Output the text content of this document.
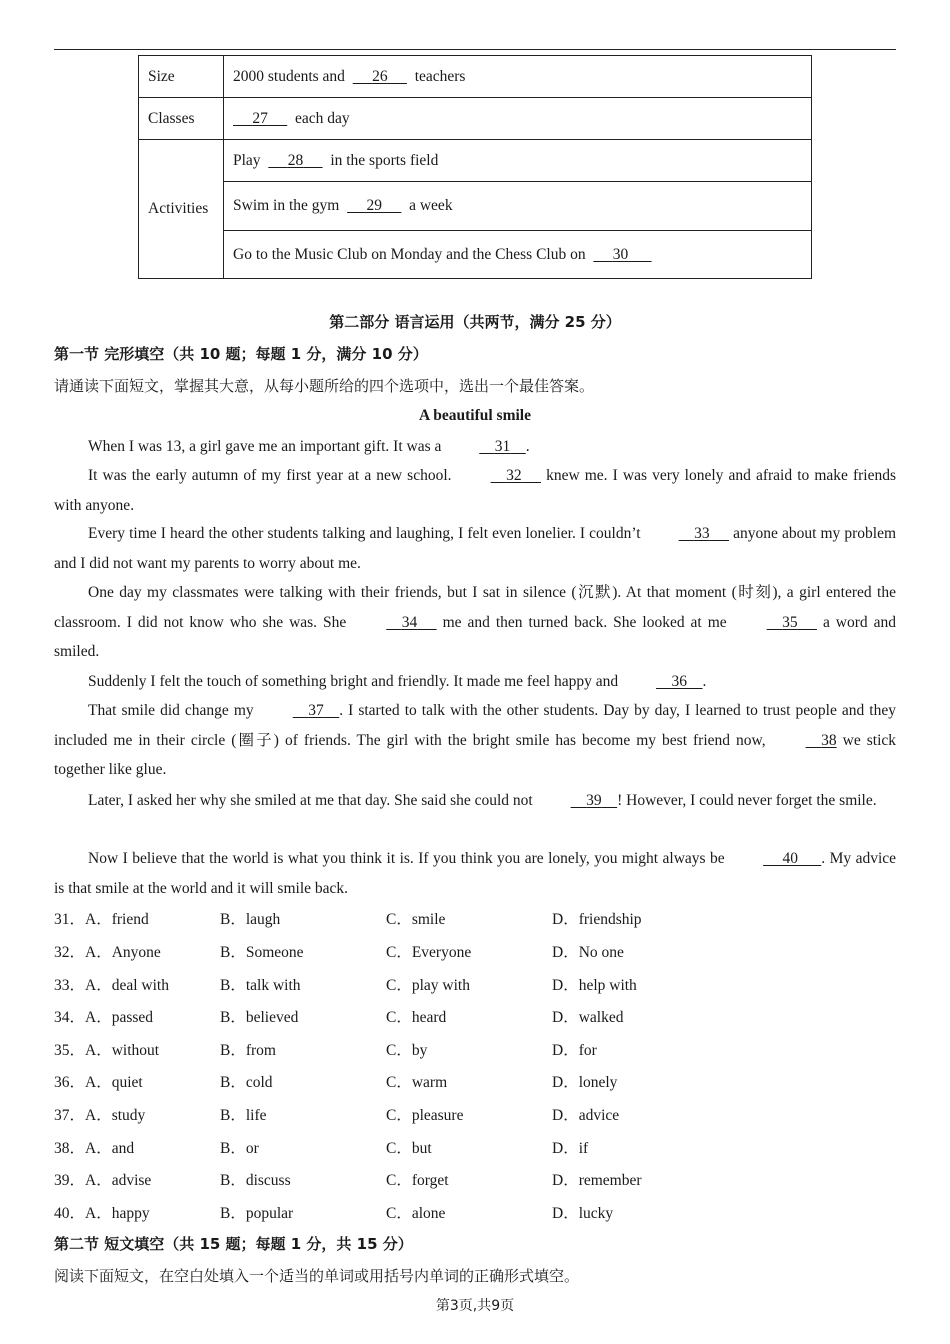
Size	2000 students and 26 teachers
Classes	27 each day
Activities	Play 28 in the sports field
	Swim in the gym 29 a week
	Go to the Music Club on Monday and the Chess Club on 30
第二部分 语言运用（共两节，满分 25 分）
第一节 完形填空（共 10 题；每题 1 分，满分 10 分）
请通读下面短文，掌握其大意，从每小题所给的四个选项中，选出一个最佳答案。
A beautiful smile
When I was 13, a girl gave me an important gift. It was a	31 .
It was the early autumn of my first year at a new school.	32 knew me. I was very lonely and afraid to make friends with anyone.
Every time I heard the other students talking and laughing, I felt even lonelier. I couldn’t	33 anyone about my problem and I did not want my parents to worry about me.
One day my classmates were talking with their friends, but I sat in silence (沉默). At that moment (时刻), a girl entered the classroom. I did not know who she was. She	34 me and then turned back. She looked at me	35 a word and smiled.
Suddenly I felt the touch of something bright and friendly. It made me feel happy and	36 .
That smile did change my	37 . I started to talk with the other students. Day by day, I learned to trust people and they included me in their circle (圈子) of friends. The girl with the bright smile has become my best friend now,	38 we stick together like glue.
Later, I asked her why she smiled at me that day. She said she could not	39 ! However, I could never forget the smile.
Now I believe that the world is what you think it is. If you think you are lonely, you might always be	40 . My advice is that smile at the world and it will smile back.
31．A．friend	B．laugh	C．smile	D．friendship
32．A．Anyone	B．Someone	C．Everyone	D．No one
33．A．deal with	B．talk with	C．play with	D．help with
34．A．passed	B．believed	C．heard	D．walked
35．A．without	B．from	C．by	D．for
36．A．quiet	B．cold	C．warm	D．lonely
37．A．study	B．life	C．pleasure	D．advice
38．A．and	B．or	C．but	D．if
39．A．advise	B．discuss	C．forget	D．remember
40．A．happy	B．popular	C．alone	D．lucky
第二节 短文填空（共 15 题；每题 1 分，共 15 分）
阅读下面短文，在空白处填入一个适当的单词或用括号内单词的正确形式填空。
第3页,共9页
